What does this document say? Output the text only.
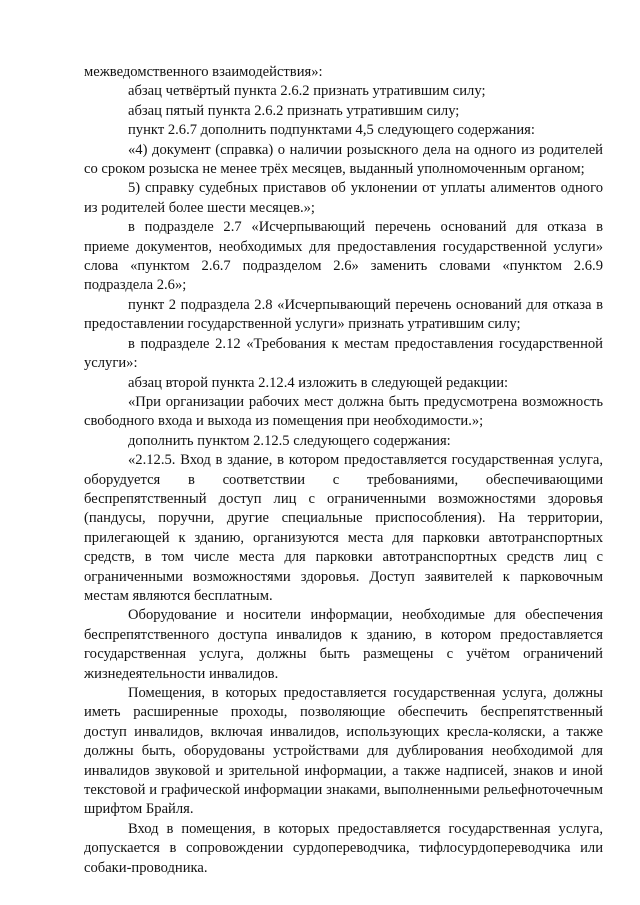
межведомственного взаимодействия»:

абзац четвёртый пункта 2.6.2 признать утратившим силу;

абзац пятый пункта 2.6.2 признать утратившим силу;

пункт 2.6.7 дополнить подпунктами 4,5 следующего содержания:

«4) документ (справка) о наличии розыскного дела на одного из родителей со сроком розыска не менее трёх месяцев, выданный уполномоченным органом;

5) справку судебных приставов об уклонении от уплаты алиментов одного из родителей более шести месяцев.»;

в подразделе 2.7 «Исчерпывающий перечень оснований для отказа в приеме документов, необходимых для предоставления государственной услуги» слова «пунктом 2.6.7 подразделом 2.6» заменить словами «пунктом 2.6.9 подраздела 2.6»;

пункт 2 подраздела 2.8 «Исчерпывающий перечень оснований для отказа в предоставлении государственной услуги» признать утратившим силу;

в подразделе 2.12 «Требования к местам предоставления государственной услуги»:

абзац второй пункта 2.12.4 изложить в следующей редакции:

«При организации рабочих мест должна быть предусмотрена возможность свободного входа и выхода из помещения при необходимости.»;

дополнить пунктом 2.12.5 следующего содержания:

«2.12.5. Вход в здание, в котором предоставляется государственная услуга, оборудуется в соответствии с требованиями, обеспечивающими беспрепятственный доступ лиц с ограниченными возможностями здоровья (пандусы, поручни, другие специальные приспособления). На территории, прилегающей к зданию, организуются места для парковки автотранспортных средств, в том числе места для парковки автотранспортных средств лиц с ограниченными возможностями здоровья. Доступ заявителей к парковочным местам являются бесплатным.

Оборудование и носители информации, необходимые для обеспечения беспрепятственного доступа инвалидов к зданию, в котором предоставляется государственная услуга, должны быть размещены с учётом ограничений жизнедеятельности инвалидов.

Помещения, в которых предоставляется государственная услуга, должны иметь расширенные проходы, позволяющие обеспечить беспрепятственный доступ инвалидов, включая инвалидов, использующих кресла-коляски, а также должны быть, оборудованы устройствами для дублирования необходимой для инвалидов звуковой и зрительной информации, а также надписей, знаков и иной текстовой и графической информации знаками, выполненными рельефноточечным шрифтом Брайля.

Вход в помещения, в которых предоставляется государственная услуга, допускается в сопровождении сурдопереводчика, тифлосурдопереводчика или собаки-проводника.
